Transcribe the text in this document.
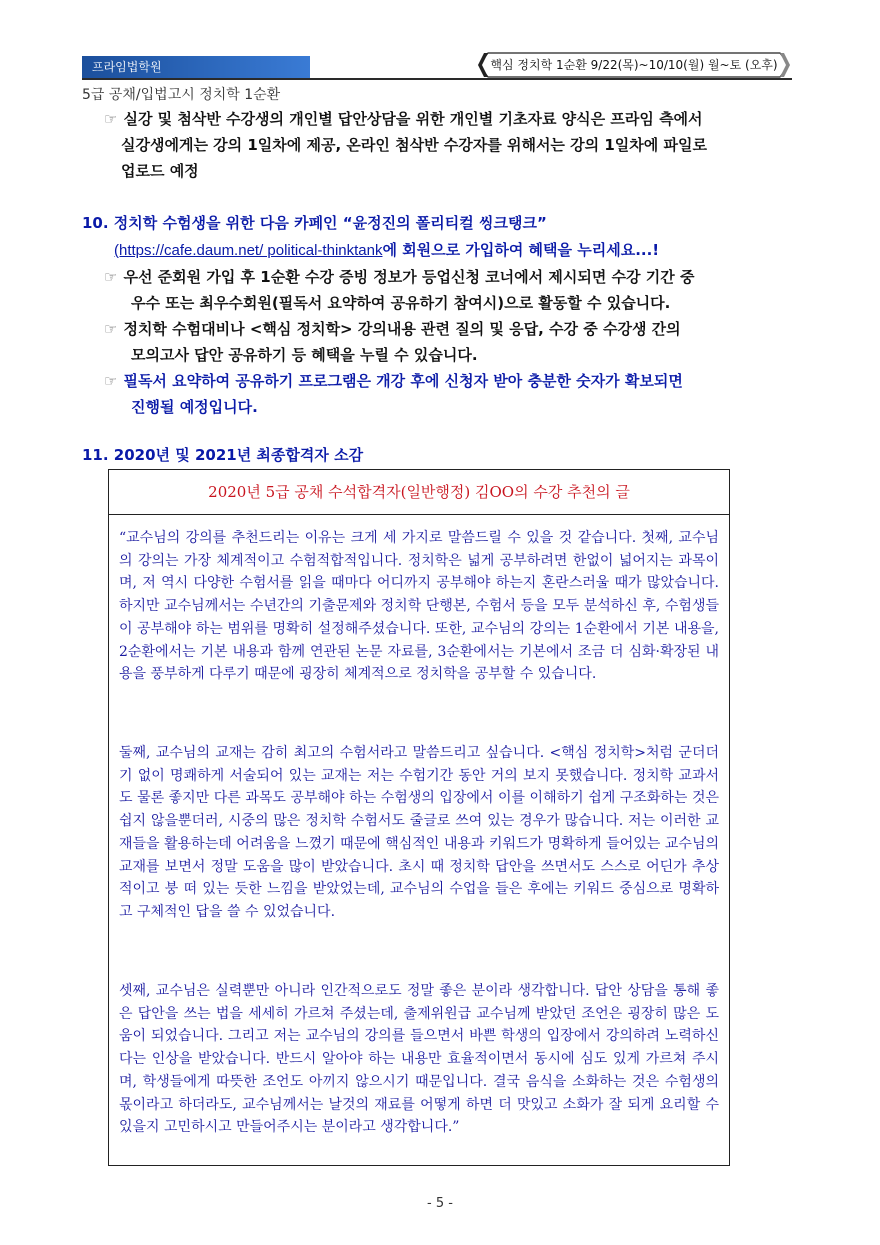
프라임법학원	핵심 정치학 1순환 9/22(목)~10/10(월) 월~토 (오후)
5급 공채/입법고시 정치학 1순환
☞ 실강 및 첨삭반 수강생의 개인별 답안상담을 위한 개인별 기초자료 양식은 프라임 측에서
실강생에게는 강의 1일차에 제공, 온라인 첨삭반 수강자를 위해서는 강의 1일차에 파일로
업로드 예정
10. 정치학 수험생을 위한 다음 카페인 “윤정진의 폴리티컬 씽크탱크”
(https://cafe.daum.net/ political-thinktank에 회원으로 가입하여 혜택을 누리세요...!
☞ 우선 준회원 가입 후 1순환 수강 증빙 정보가 등업신청 코너에서 제시되면 수강 기간 중
우수 또는 최우수회원(필독서 요약하여 공유하기 참여시)으로 활동할 수 있습니다.
☞ 정치학 수험대비나 <핵심 정치학> 강의내용 관련 질의 및 응답, 수강 중 수강생 간의
모의고사 답안 공유하기 등 혜택을 누릴 수 있습니다.
☞ 필독서 요약하여 공유하기 프로그램은 개강 후에 신청자 받아 충분한 숫자가 확보되면
진행될 예정입니다.
11. 2020년 및 2021년 최종합격자 소감
2020년 5급 공채 수석합격자(일반행정) 김OO의 수강 추천의 글
“교수님의 강의를 추천드리는 이유는 크게 세 가지로 말씀드릴 수 있을 것 같습니다. 첫째, 교수님의 강의는 가장 체계적이고 수험적합적입니다. 정치학은 넓게 공부하려면 한없이 넓어지는 과목이며, 저 역시 다양한 수험서를 읽을 때마다 어디까지 공부해야 하는지 혼란스러울 때가 많았습니다. 하지만 교수님께서는 수년간의 기출문제와 정치학 단행본, 수험서 등을 모두 분석하신 후, 수험생들이 공부해야 하는 범위를 명확히 설정해주셨습니다. 또한, 교수님의 강의는 1순환에서 기본 내용을, 2순환에서는 기본 내용과 함께 연관된 논문 자료를, 3순환에서는 기본에서 조금 더 심화·확장된 내용을 풍부하게 다루기 때문에 굉장히 체계적으로 정치학을 공부할 수 있습니다.
둘째, 교수님의 교재는 감히 최고의 수험서라고 말씀드리고 싶습니다. <핵심 정치학>처럼 군더더기 없이 명쾌하게 서술되어 있는 교재는 저는 수험기간 동안 거의 보지 못했습니다. 정치학 교과서도 물론 좋지만 다른 과목도 공부해야 하는 수험생의 입장에서 이를 이해하기 쉽게 구조화하는 것은 쉽지 않을뿐더러, 시중의 많은 정치학 수험서도 줄글로 쓰여 있는 경우가 많습니다. 저는 이러한 교재들을 활용하는데 어려움을 느꼈기 때문에 핵심적인 내용과 키워드가 명확하게 들어있는 교수님의 교재를 보면서 정말 도움을 많이 받았습니다. 초시 때 정치학 답안을 쓰면서도 스스로 어딘가 추상적이고 붕 떠 있는 듯한 느낌을 받았었는데, 교수님의 수업을 들은 후에는 키워드 중심으로 명확하고 구체적인 답을 쓸 수 있었습니다.
셋째, 교수님은 실력뿐만 아니라 인간적으로도 정말 좋은 분이라 생각합니다. 답안 상담을 통해 좋은 답안을 쓰는 법을 세세히 가르쳐 주셨는데, 출제위원급 교수님께 받았던 조언은 굉장히 많은 도움이 되었습니다. 그리고 저는 교수님의 강의를 들으면서 바쁜 학생의 입장에서 강의하려 노력하신다는 인상을 받았습니다. 반드시 알아야 하는 내용만 효율적이면서 동시에 심도 있게 가르쳐 주시며, 학생들에게 따뜻한 조언도 아끼지 않으시기 때문입니다. 결국 음식을 소화하는 것은 수험생의 몫이라고 하더라도, 교수님께서는 날것의 재료를 어떻게 하면 더 맛있고 소화가 잘 되게 요리할 수 있을지 고민하시고 만들어주시는 분이라고 생각합니다.”
- 5 -
